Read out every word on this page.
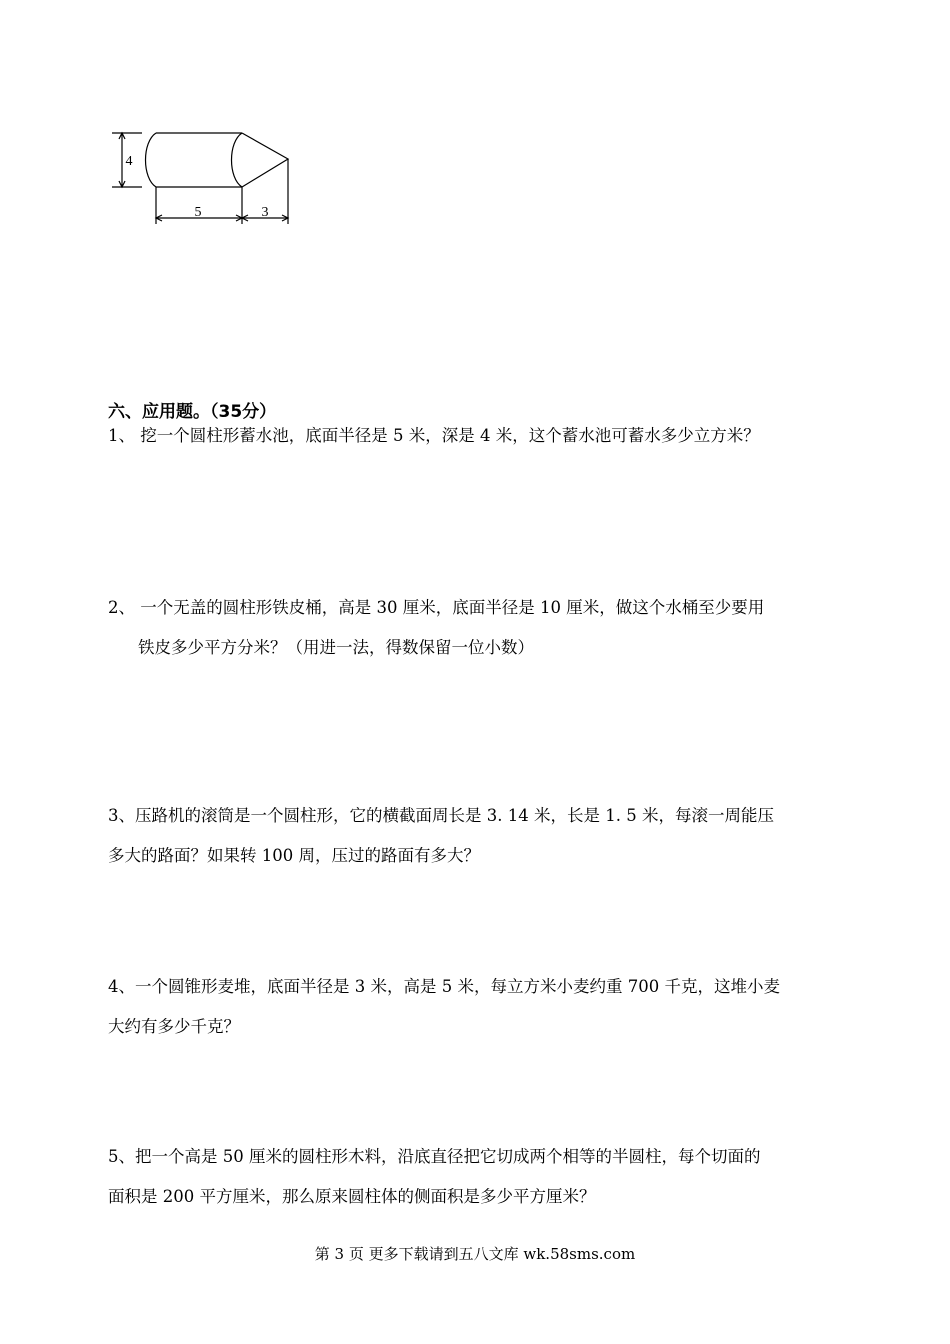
4
5	3
六、应用题。（35分）
1、 挖一个圆柱形蓄水池，底面半径是 5 米，深是 4 米，这个蓄水池可蓄水多少立方米？
2、 一个无盖的圆柱形铁皮桶，高是 30 厘米，底面半径是 10 厘米，做这个水桶至少要用
铁皮多少平方分米？（用进一法，得数保留一位小数）
3、压路机的滚筒是一个圆柱形，它的横截面周长是 3. 14 米，长是 1. 5 米，每滚一周能压
多大的路面？如果转 100 周，压过的路面有多大？
4、一个圆锥形麦堆，底面半径是 3 米，高是 5 米，每立方米小麦约重 700 千克，这堆小麦
大约有多少千克？
5、把一个高是 50 厘米的圆柱形木料，沿底直径把它切成两个相等的半圆柱，每个切面的
面积是 200 平方厘米，那么原来圆柱体的侧面积是多少平方厘米？
第 3 页 更多下载请到五八文库 wk.58sms.com
